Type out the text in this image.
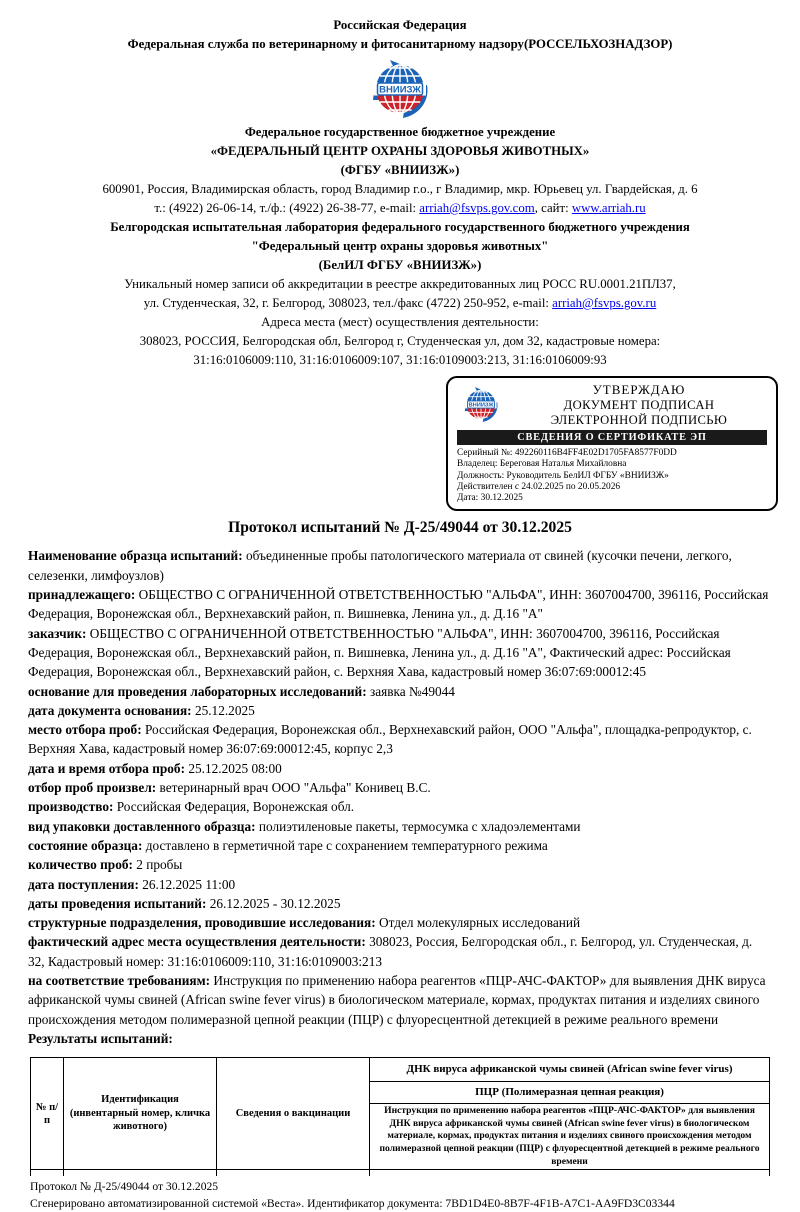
Российская Федерация
Федеральная служба по ветеринарному и фитосанитарному надзору(РОССЕЛЬХОЗНАДЗОР)
ВНИИЗЖ
Федеральное государственное бюджетное учреждение
«ФЕДЕРАЛЬНЫЙ ЦЕНТР ОХРАНЫ ЗДОРОВЬЯ ЖИВОТНЫХ»
(ФГБУ «ВНИИЗЖ»)
600901, Россия, Владимирская область, город Владимир г.о., г Владимир, мкр. Юрьевец ул. Гвардейская, д. 6
т.: (4922) 26-06-14, т./ф.: (4922) 26-38-77, e-mail: arriah@fsvps.gov.com, сайт: www.arriah.ru
Белгородская испытательная лаборатория федерального государственного бюджетного учреждения
"Федеральный центр охраны здоровья животных"
(БелИЛ ФГБУ «ВНИИЗЖ»)
Уникальный номер записи об аккредитации в реестре аккредитованных лиц РОСС RU.0001.21ПЛ37,
ул. Студенческая, 32, г. Белгород, 308023, тел./факс (4722) 250-952, e-mail: arriah@fsvps.gov.ru
Адреса места (мест) осуществления деятельности:
308023, РОССИЯ, Белгородская обл, Белгород г, Студенческая ул, дом 32, кадастровые номера:
31:16:0106009:110, 31:16:0106009:107, 31:16:0109003:213, 31:16:0106009:93
ВНИИЗЖ
УТВЕРЖДАЮ
ДОКУМЕНТ ПОДПИСАН
ЭЛЕКТРОННОЙ ПОДПИСЬЮ
СВЕДЕНИЯ О СЕРТИФИКАТЕ ЭП
Серийный №: 492260116B4FF4E02D1705FA8577F0DD
Владелец: Береговая Наталья Михайловна
Должность: Руководитель БелИЛ ФГБУ «ВНИИЗЖ»
Действителен с 24.02.2025 по 20.05.2026
Дата: 30.12.2025
Протокол испытаний № Д-25/49044 от 30.12.2025

Наименование образца испытаний: объединенные пробы патологического материала от свиней (кусочки печени, легкого, селезенки, лимфоузлов)

принадлежащего: ОБЩЕСТВО С ОГРАНИЧЕННОЙ ОТВЕТСТВЕННОСТЬЮ "АЛЬФА", ИНН: 3607004700, 396116, Российская Федерация, Воронежская обл., Верхнехавский район, п. Вишневка, Ленина ул., д. Д.16 "А"

заказчик: ОБЩЕСТВО С ОГРАНИЧЕННОЙ ОТВЕТСТВЕННОСТЬЮ "АЛЬФА", ИНН: 3607004700, 396116, Российская Федерация, Воронежская обл., Верхнехавский район, п. Вишневка, Ленина ул., д. Д.16 "А", Фактический адрес: Российская Федерация, Воронежская обл., Верхнехавский район, с. Верхняя Хава, кадастровый номер 36:07:69:00012:45

основание для проведения лабораторных исследований: заявка №49044

дата документа основания: 25.12.2025

место отбора проб: Российская Федерация, Воронежская обл., Верхнехавский район, ООО "Альфа", площадка-репродуктор, с. Верхняя Хава, кадастровый номер 36:07:69:00012:45, корпус 2,3

дата и время отбора проб: 25.12.2025 08:00

отбор проб произвел: ветеринарный врач ООО "Альфа" Конивец В.С.

производство: Российская Федерация, Воронежская обл.

вид упаковки доставленного образца: полиэтиленовые пакеты, термосумка с хладоэлементами

состояние образца: доставлено в герметичной таре с сохранением температурного режима

количество проб: 2 пробы

дата поступления: 26.12.2025 11:00

даты проведения испытаний: 26.12.2025 - 30.12.2025

структурные подразделения, проводившие исследования: Отдел молекулярных исследований

фактический адрес места осуществления деятельности: 308023, Россия, Белгородская обл., г. Белгород, ул. Студенческая, д. 32, Кадастровый номер: 31:16:0106009:110, 31:16:0109003:213

на соответствие требованиям: Инструкция по применению набора реагентов «ПЦР-АЧС-ФАКТОР» для выявления ДНК вируса африканской чумы свиней (African swine fever virus) в биологическом материале, кормах, продуктах питания и изделиях свиного происхождения методом полимеразной цепной реакции (ПЦР) с флуоресцентной детекцией в режиме реального времени

Результаты испытаний:

№ п/п	Идентификация (инвентарный номер, кличка животного)	Сведения о вакцинации	ДНК вируса африканской чумы свиней (African swine fever virus)
			ПЦР (Полимеразная цепная реакция)
			Инструкция по применению набора реагентов «ПЦР-АЧС-ФАКТОР» для выявления ДНК вируса африканской чумы свиней (African swine fever virus) в биологическом материале, кормах, продуктах питания и изделиях свиного происхождения методом полимеразной цепной реакции (ПЦР) с флуоресцентной детекцией в режиме реального времени

Протокол № Д-25/49044 от 30.12.2025
Сгенерировано автоматизированной системой «Веста». Идентификатор документа: 7BD1D4E0-8B7F-4F1B-A7C1-AA9FD3C03344
